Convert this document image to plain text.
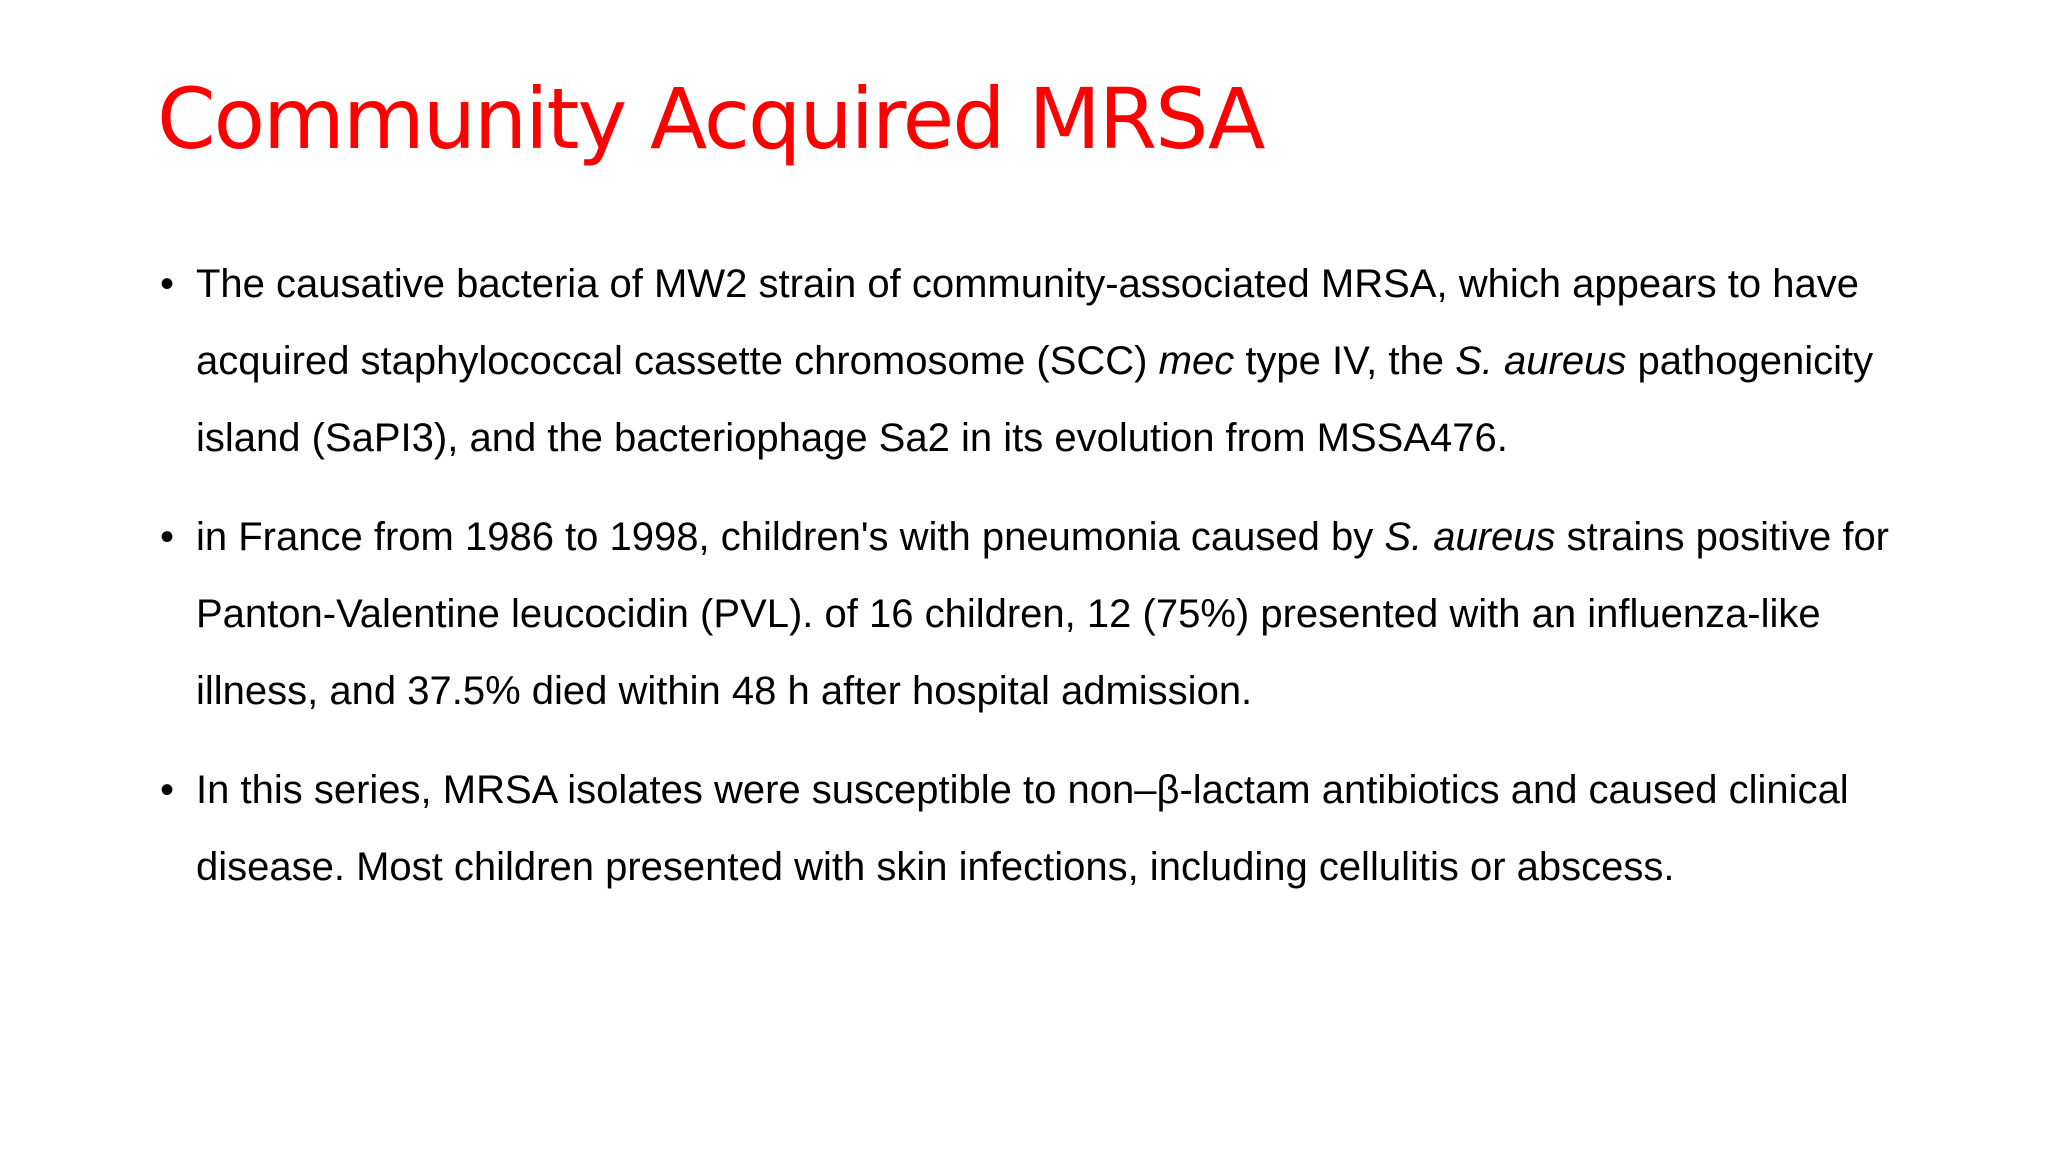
Community Acquired MRSA
• The causative bacteria of MW2 strain of community-associated MRSA, which appears to have acquired staphylococcal cassette chromosome (SCC) mec type IV, the S. aureus pathogenicity island (SaPI3), and the bacteriophage Sa2 in its evolution from MSSA476.
• in France from 1986 to 1998, children's with pneumonia caused by S. aureus strains positive for Panton-Valentine leucocidin (PVL). of 16 children, 12 (75%) presented with an influenza-like illness, and 37.5% died within 48 h after hospital admission.
• In this series, MRSA isolates were susceptible to non–β-lactam antibiotics and caused clinical disease. Most children presented with skin infections, including cellulitis or abscess.
